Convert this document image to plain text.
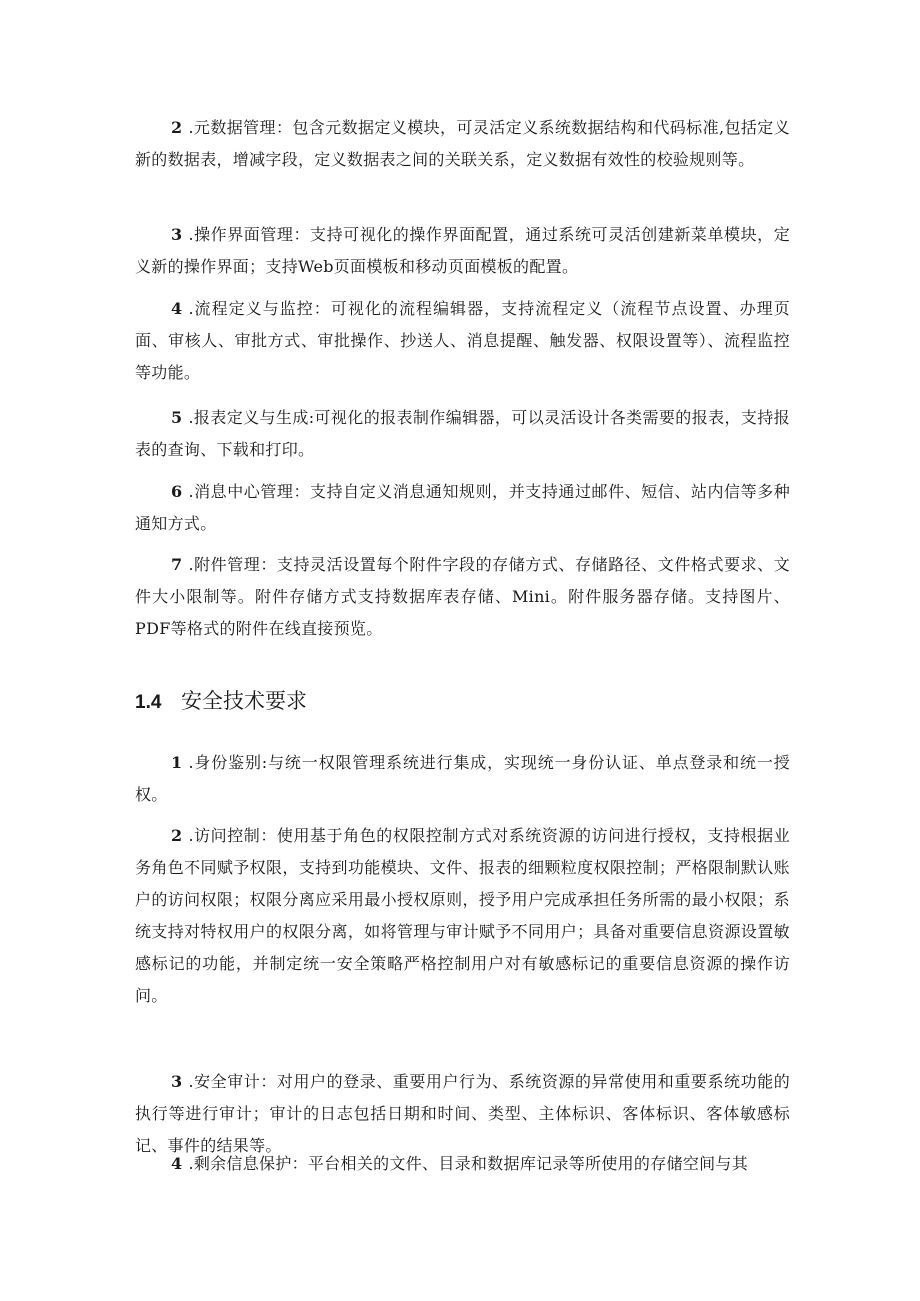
2 .元数据管理：包含元数据定义模块，可灵活定义系统数据结构和代码标准,包括定义新的数据表，增减字段，定义数据表之间的关联关系，定义数据有效性的校验规则等。

3 .操作界面管理：支持可视化的操作界面配置，通过系统可灵活创建新菜单模块，定义新的操作界面；支持Web页面模板和移动页面模板的配置。

4 .流程定义与监控：可视化的流程编辑器，支持流程定义（流程节点设置、办理页面、审核人、审批方式、审批操作、抄送人、消息提醒、触发器、权限设置等）、流程监控等功能。

5 .报表定义与生成:可视化的报表制作编辑器，可以灵活设计各类需要的报表，支持报表的查询、下载和打印。

6 .消息中心管理：支持自定义消息通知规则，并支持通过邮件、短信、站内信等多种通知方式。

7 .附件管理：支持灵活设置每个附件字段的存储方式、存储路径、文件格式要求、文件大小限制等。附件存储方式支持数据库表存储、Mini。附件服务器存储。支持图片、PDF等格式的附件在线直接预览。

1.4 安全技术要求

1 .身份鉴别:与统一权限管理系统进行集成，实现统一身份认证、单点登录和统一授权。

2 .访问控制：使用基于角色的权限控制方式对系统资源的访问进行授权，支持根据业务角色不同赋予权限，支持到功能模块、文件、报表的细颗粒度权限控制；严格限制默认账户的访问权限；权限分离应采用最小授权原则，授予用户完成承担任务所需的最小权限；系统支持对特权用户的权限分离，如将管理与审计赋予不同用户；具备对重要信息资源设置敏感标记的功能，并制定统一安全策略严格控制用户对有敏感标记的重要信息资源的操作访问。

3 .安全审计：对用户的登录、重要用户行为、系统资源的异常使用和重要系统功能的执行等进行审计；审计的日志包括日期和时间、类型、主体标识、客体标识、客体敏感标记、事件的结果等。

4 .剩余信息保护：平台相关的文件、目录和数据库记录等所使用的存储空间与其
